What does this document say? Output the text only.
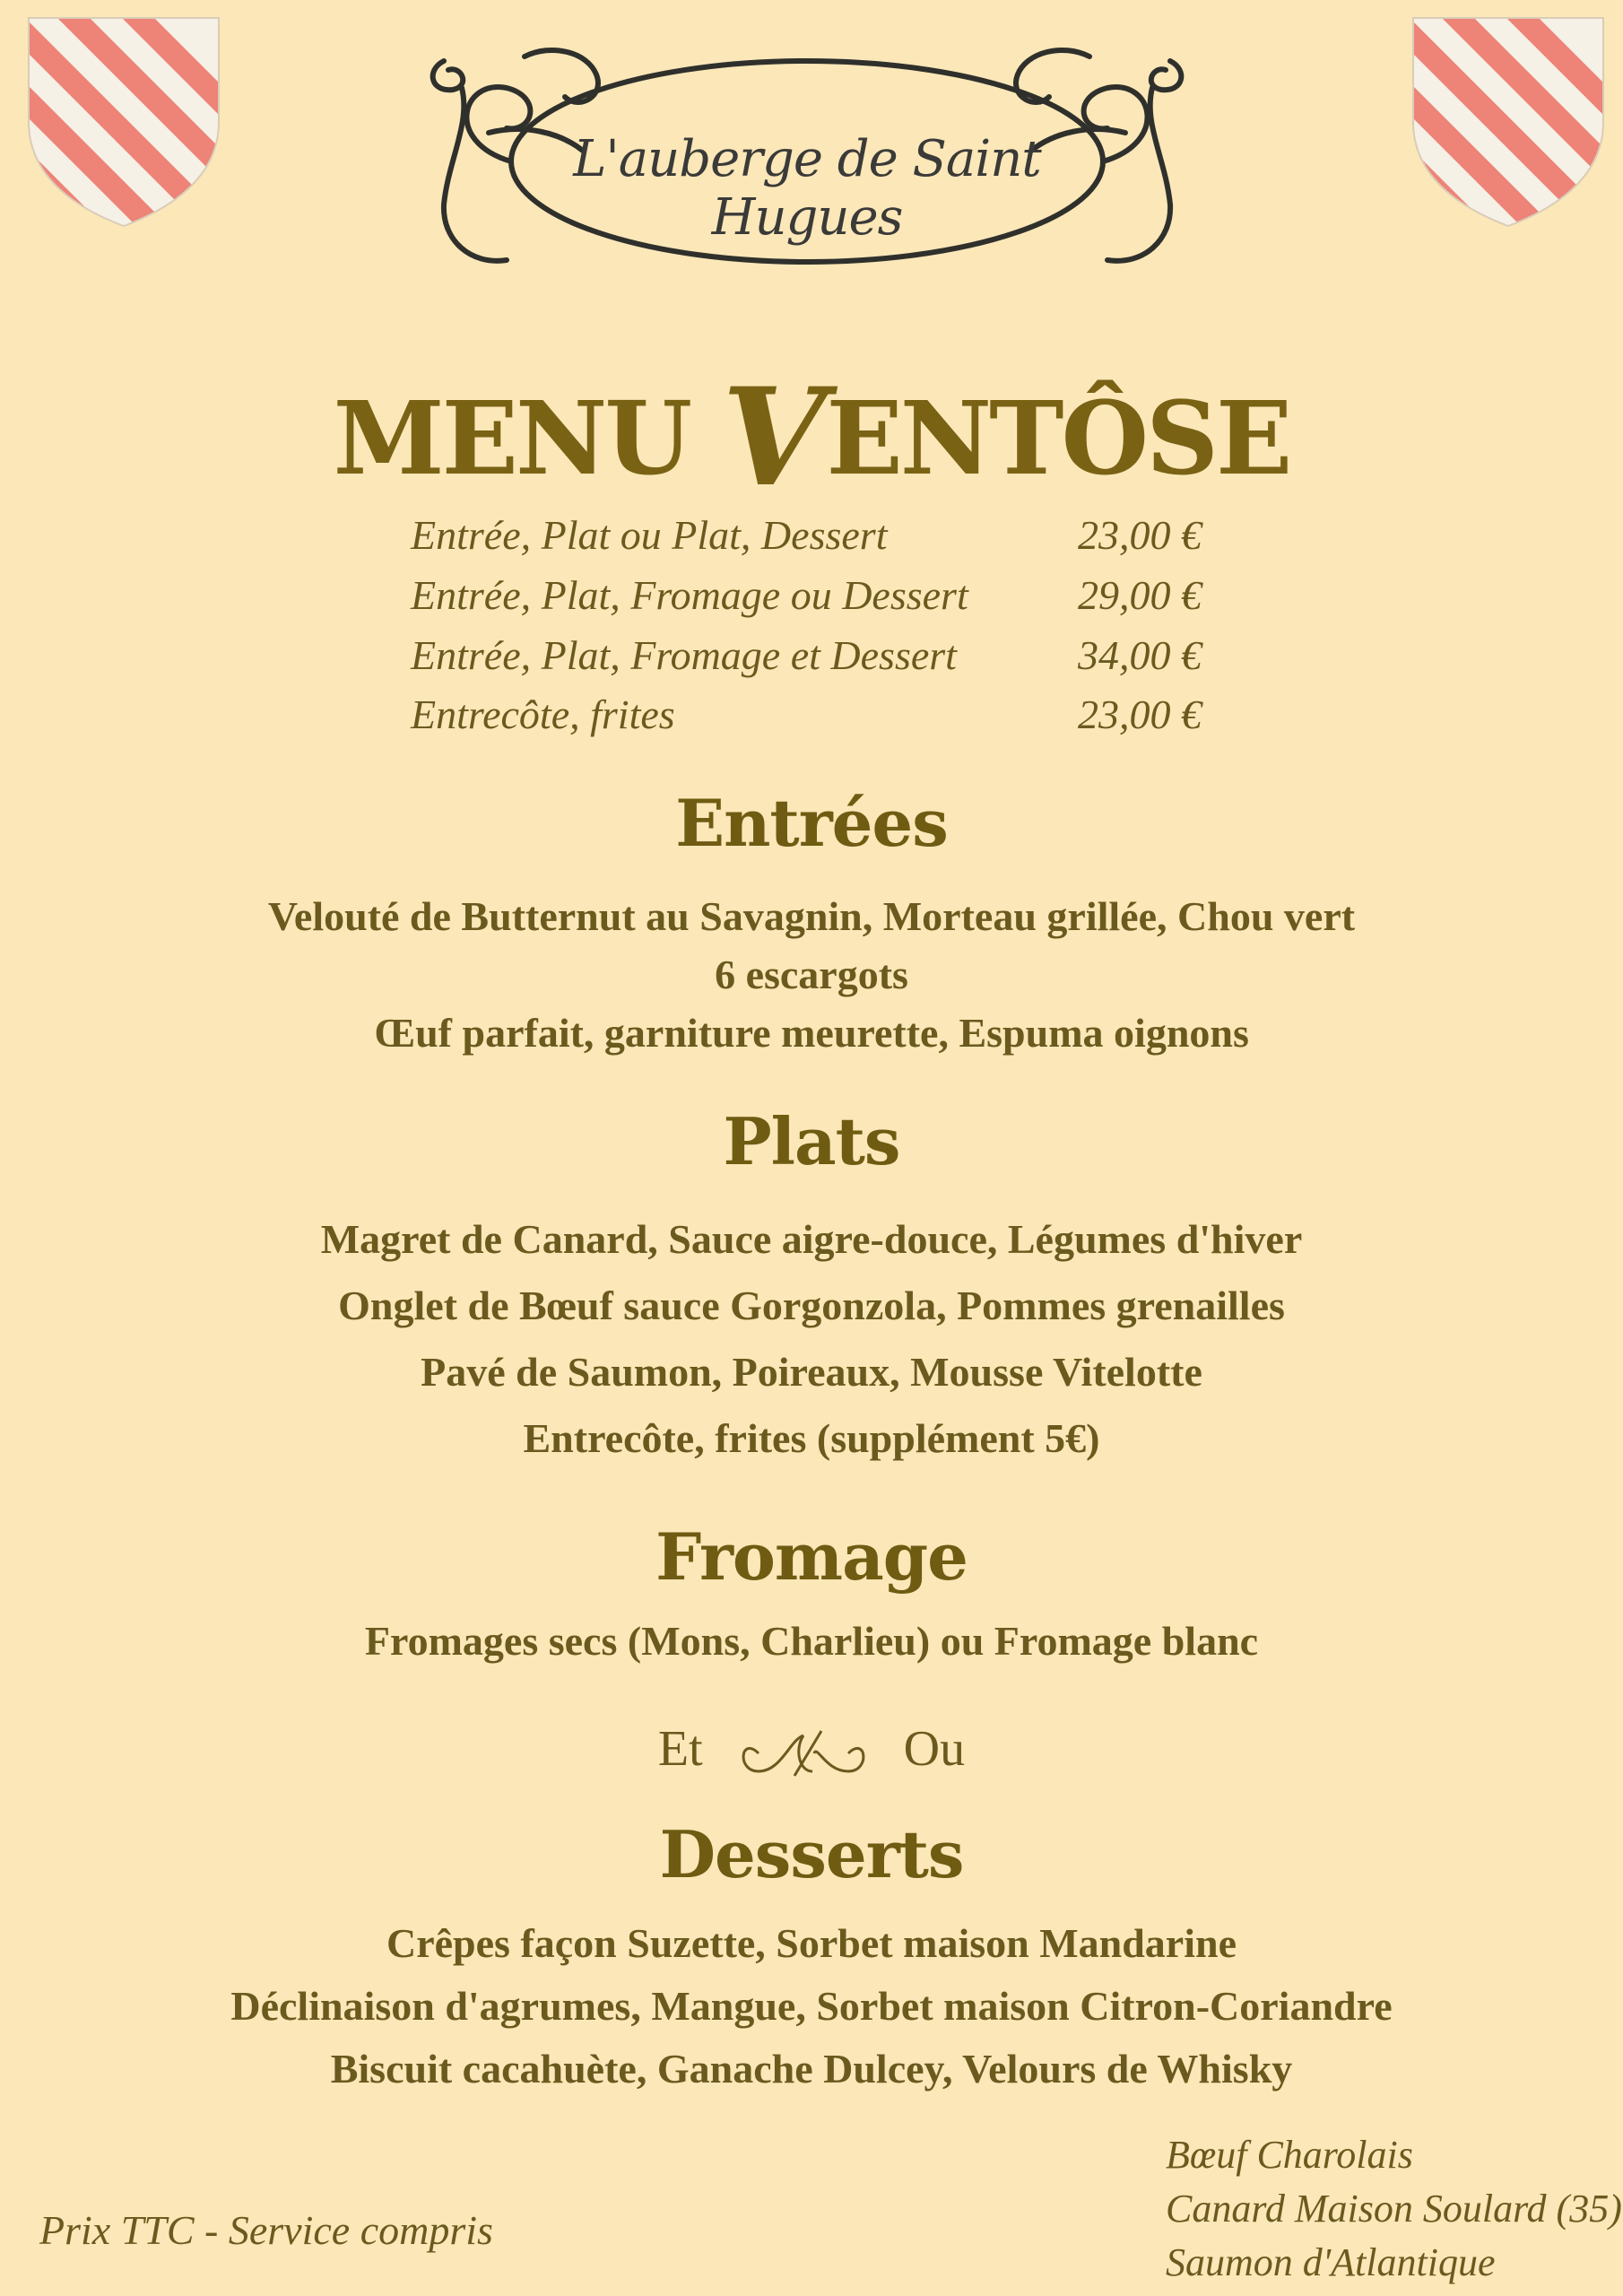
L'auberge de Saint Hugues
MENU VENTÔSE
Entrée, Plat ou Plat, Dessert	23,00 €
Entrée, Plat, Fromage ou Dessert	29,00 €
Entrée, Plat, Fromage et Dessert	34,00 €
Entrecôte, frites	23,00 €
Entrées
Velouté de Butternut au Savagnin, Morteau grillée, Chou vert
6 escargots
Œuf parfait, garniture meurette, Espuma oignons
Plats
Magret de Canard, Sauce aigre-douce, Légumes d'hiver
Onglet de Bœuf sauce Gorgonzola, Pommes grenailles
Pavé de Saumon, Poireaux, Mousse Vitelotte
Entrecôte, frites (supplément 5€)
Fromage
Fromages secs (Mons, Charlieu) ou Fromage blanc
Et	Ou
Desserts
Crêpes façon Suzette, Sorbet maison Mandarine
Déclinaison d'agrumes, Mangue, Sorbet maison Citron-Coriandre
Biscuit cacahuète, Ganache Dulcey, Velours de Whisky
Prix TTC - Service compris
Bœuf Charolais
Canard Maison Soulard (35)
Saumon d'Atlantique
